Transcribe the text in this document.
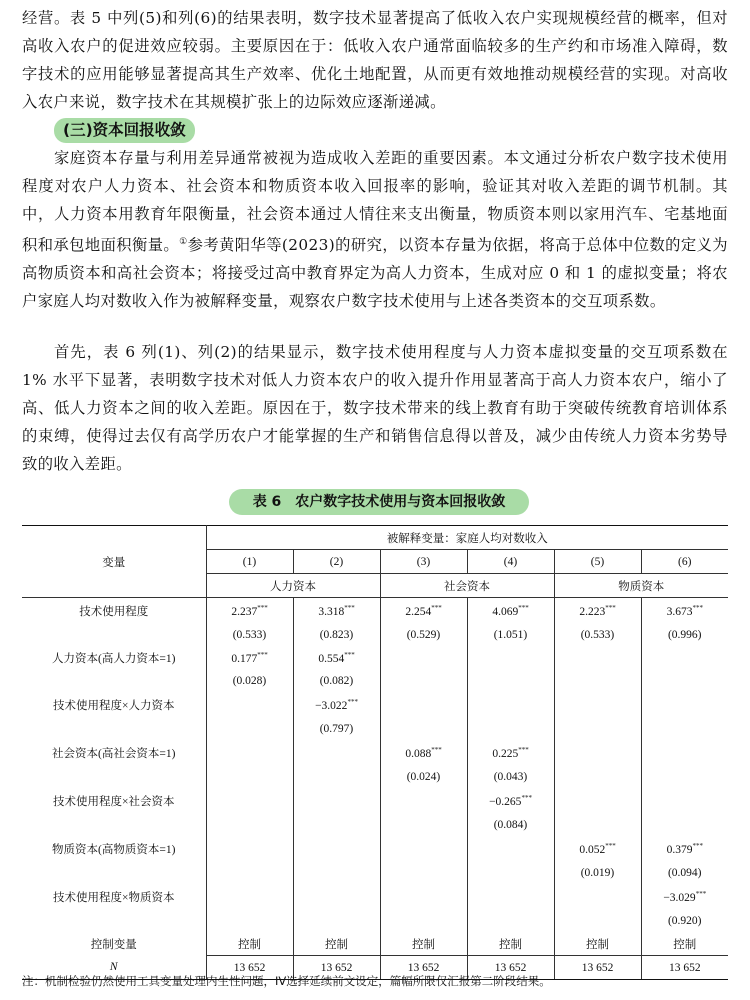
经营。表 5 中列(5)和列(6)的结果表明，数字技术显著提高了低收入农户实现规模经营的概率，但对高收入农户的促进效应较弱。主要原因在于：低收入农户通常面临较多的生产约和市场准入障碍，数字技术的应用能够显著提高其生产效率、优化土地配置，从而更有效地推动规模经营的实现。对高收入农户来说，数字技术在其规模扩张上的边际效应逐渐递减。

(三)资本回报收敛

家庭资本存量与利用差异通常被视为造成收入差距的重要因素。本文通过分析农户数字技术使用程度对农户人力资本、社会资本和物质资本收入回报率的影响，验证其对收入差距的调节机制。其中，人力资本用教育年限衡量，社会资本通过人情往来支出衡量，物质资本则以家用汽车、宅基地面积和承包地面积衡量。①参考黄阳华等(2023)的研究，以资本存量为依据，将高于总体中位数的定义为高物质资本和高社会资本；将接受过高中教育界定为高人力资本，生成对应 0 和 1 的虚拟变量；将农户家庭人均对数收入作为被解释变量，观察农户数字技术使用与上述各类资本的交互项系数。

首先，表 6 列(1)、列(2)的结果显示，数字技术使用程度与人力资本虚拟变量的交互项系数在 1% 水平下显著，表明数字技术对低人力资本农户的收入提升作用显著高于高人力资本农户，缩小了高、低人力资本之间的收入差距。原因在于，数字技术带来的线上教育有助于突破传统教育培训体系的束缚，使得过去仅有高学历农户才能掌握的生产和销售信息得以普及，减少由传统人力资本劣势导致的收入差距。

表 6　农户数字技术使用与资本回报收敛
变量	被解释变量：家庭人均对数收入					
	(1)	(2)	(3)	(4)	(5)	(6)
	人力资本		社会资本		物质资本	
技术使用程度	2.237***	3.318***	2.254***	4.069***	2.223***	3.673***
	(0.533)	(0.823)	(0.529)	(1.051)	(0.533)	(0.996)
人力资本(高人力资本=1)	0.177***	0.554***				
	(0.028)	(0.082)				
技术使用程度×人力资本		−3.022***				
		(0.797)				
社会资本(高社会资本=1)			0.088***	0.225***		
			(0.024)	(0.043)		
技术使用程度×社会资本				−0.265***		
				(0.084)		
物质资本(高物质资本=1)					0.052***	0.379***
					(0.019)	(0.094)
技术使用程度×物质资本						−3.029***
						(0.920)
控制变量	控制	控制	控制	控制	控制	控制
N	13 652	13 652	13 652	13 652	13 652	13 652
注：机制检验仍然使用工具变量处理内生性问题，IV选择延续前文设定，篇幅所限仅汇报第二阶段结果。
